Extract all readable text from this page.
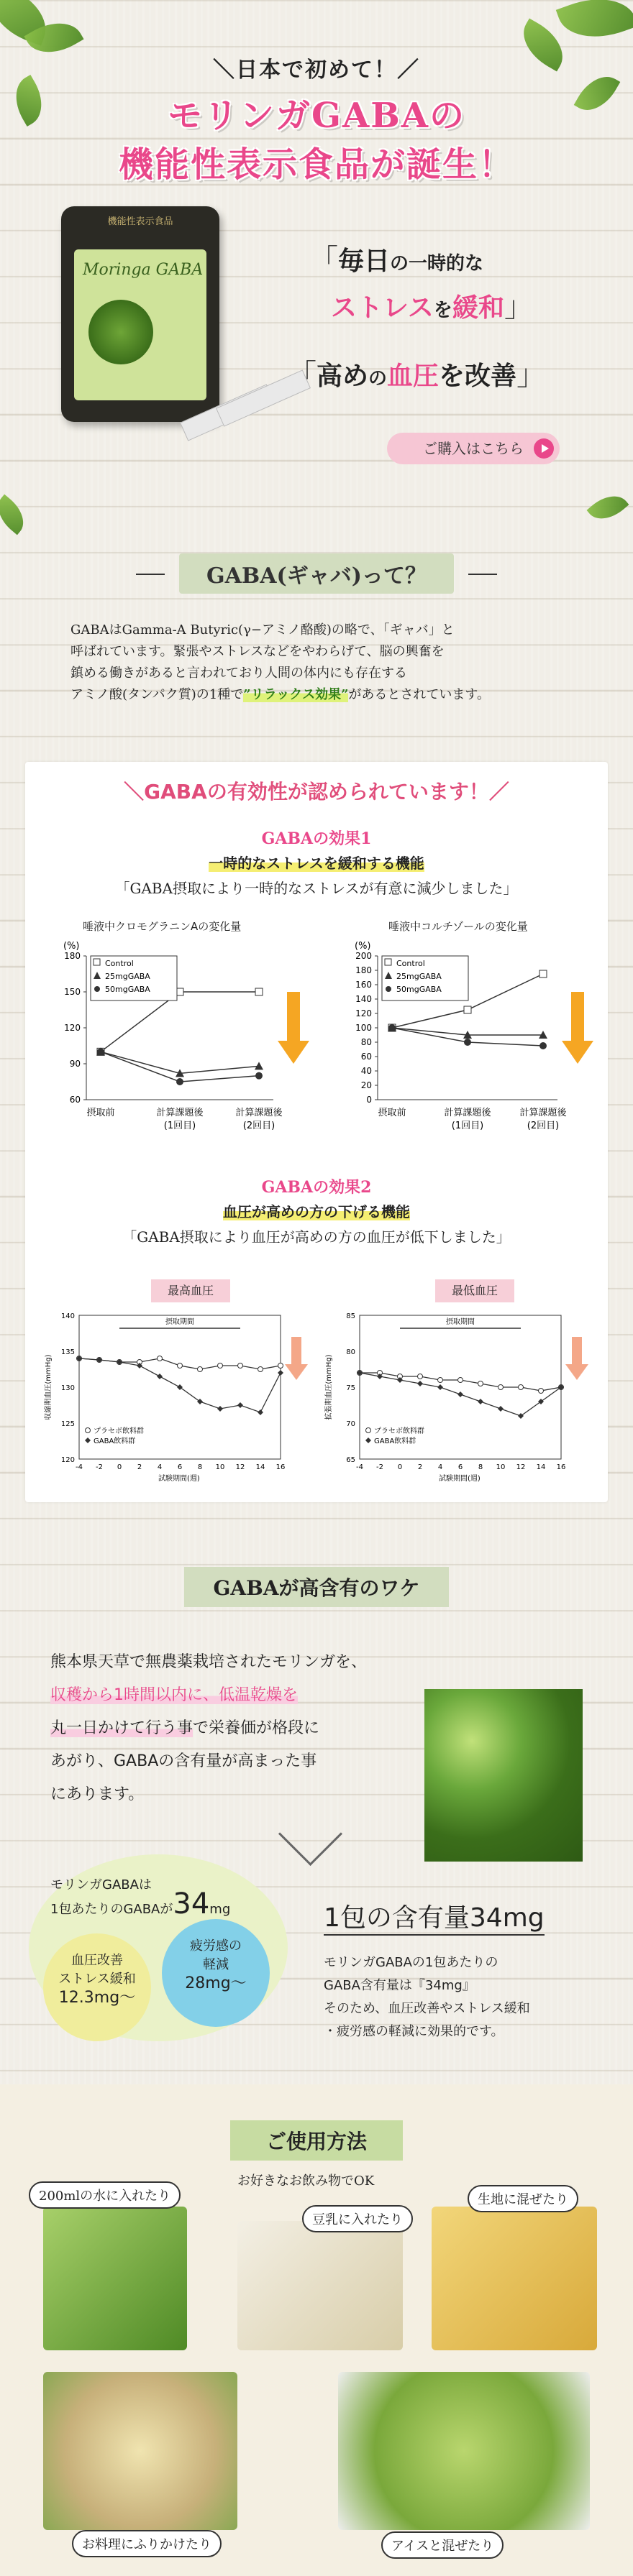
＼日本で初めて！／
モリンガGABAの
機能性表示食品が誕生！
機能性表示食品
Moringa GABA	「毎日の一時的な
ストレスを緩和」
「高めの血圧を改善」
ご購入はこちら
GABA(ギャバ)って？
GABAはGamma-A Butyric(γ−アミノ酪酸)の略で、「ギャバ」と
呼ばれています。緊張やストレスなどをやわらげて、脳の興奮を
鎮める働きがあると言われており人間の体内にも存在する
アミノ酸(タンパク質)の1種で”リラックス効果”があるとされています。
＼GABAの有効性が認められています！／
GABAの効果1
一時的なストレスを緩和する機能
「GABA摂取により一時的なストレスが有意に減少しました」
唾液中クロモグラニンAの変化量	唾液中コルチゾールの変化量
(%)
60
90
120
150
180
摂取前	計算課題後
(1回目)
計算課題後
(2回目)
Control
25mgGABA
50mgGABA
(%)
0
20
40
60
80
100
120
140
160
180
200
摂取前	計算課題後
(1回目)
計算課題後
(2回目)
Control
25mgGABA
50mgGABA
GABAの効果2
血圧が高めの方の下げる機能
「GABA摂取により血圧が高めの方の血圧が低下しました」
最高血圧	最低血圧
収縮期血圧(mmHg)
120
125
130
135
140
-4 -2 0 2 4 6 8 10 12 14 16
試験期間(週)
摂取期間
プラセボ飲料群
GABA飲料群
拡張期血圧(mmHg)
65
70
75
80
85
-4 -2 0 2 4 6 8 10 12 14 16
試験期間(週)
摂取期間
プラセボ飲料群
GABA飲料群
GABAが高含有のワケ
熊本県天草で無農薬栽培されたモリンガを、
収穫から1時間以内に、低温乾燥を
丸一日かけて行う事で栄養価が格段に
あがり、GABAの含有量が高まった事
にあります。
モリンガGABAは
1包あたりのGABAが34mg
血圧改善
ストレス緩和
12.3mg〜
疲労感の
軽減
28mg〜
1包の含有量34mg
モリンガGABAの1包あたりの
GABA含有量は『34mg』
そのため、血圧改善やストレス緩和
・疲労感の軽減に効果的です。
ご使用方法
200mlの水に入れたり
お好きなお飲み物でOK
豆乳に入れたり
生地に混ぜたり
お料理にふりかけたり	アイスと混ぜたり
